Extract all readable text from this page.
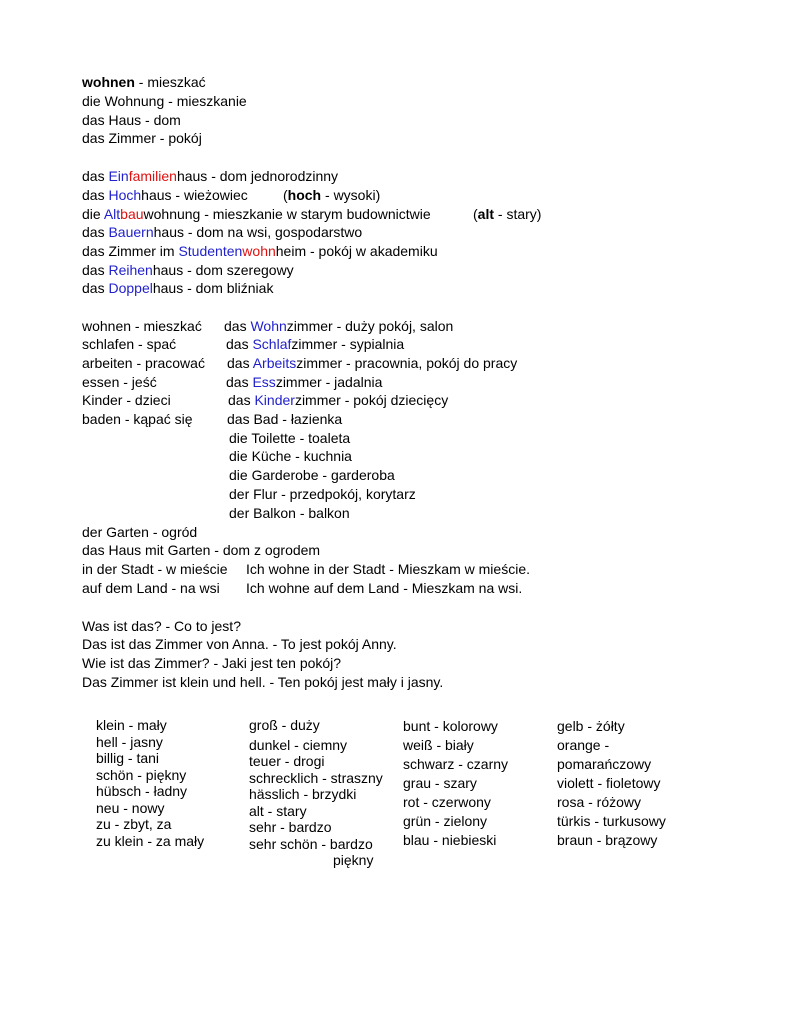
wohnen - mieszkać
die Wohnung - mieszkanie
das Haus - dom
das Zimmer - pokój
das Einfamilienhaus - dom jednorodzinny
das Hochhaus - wieżowiec	(hoch - wysoki)
die Altbauwohnung - mieszkanie w starym budownictwie	(alt - stary)
das Bauernhaus - dom na wsi, gospodarstwo
das Zimmer im Studentenwohnheim - pokój w akademiku
das Reihenhaus - dom szeregowy
das Doppelhaus - dom bliźniak
wohnen - mieszkać
schlafen - spać
arbeiten - pracować
essen - jeść
Kinder - dzieci
baden - kąpać się
das Wohnzimmer - duży pokój, salon
das Schlafzimmer - sypialnia
das Arbeitszimmer - pracownia, pokój do pracy
das Esszimmer - jadalnia
das Kinderzimmer - pokój dziecięcy
das Bad - łazienka
die Toilette - toaleta
die Küche - kuchnia
die Garderobe - garderoba
der Flur - przedpokój, korytarz
der Balkon - balkon
der Garten - ogród
das Haus mit Garten - dom z ogrodem
in der Stadt - w mieście Ich wohne in der Stadt - Mieszkam w mieście.
auf dem Land - na wsi Ich wohne auf dem Land - Mieszkam na wsi.
Was ist das? - Co to jest?
Das ist das Zimmer von Anna. - To jest pokój Anny.
Wie ist das Zimmer? - Jaki jest ten pokój?
Das Zimmer ist klein und hell. - Ten pokój jest mały i jasny.
klein - mały
hell - jasny
billig - tani
schön - piękny
hübsch - ładny
neu - nowy
zu - zbyt, za
zu klein - za mały
groß - duży
dunkel - ciemny
teuer - drogi
schrecklich - straszny
hässlich - brzydki
alt - stary
sehr - bardzo
sehr schön - bardzo
piękny
bunt - kolorowy
weiß - biały
schwarz - czarny
grau - szary
rot - czerwony
grün - zielony
blau - niebieski
gelb - żółty
orange -
pomarańczowy
violett - fioletowy
rosa - różowy
türkis - turkusowy
braun - brązowy
